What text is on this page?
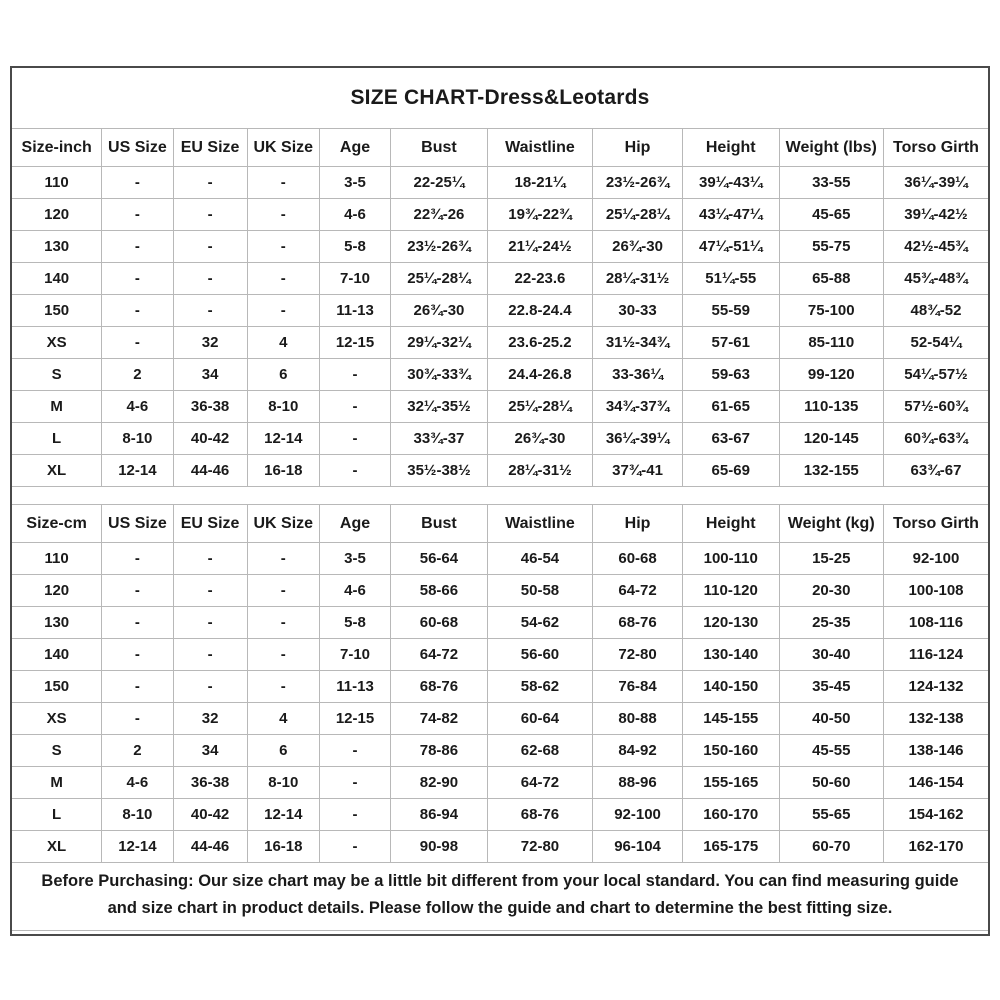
SIZE CHART-Dress&Leotards
Size-inch	US Size	EU Size	UK Size	Age	Bust	Waistline	Hip	Height	Weight (lbs)	Torso Girth
110	-	-	-	3-5	22-25¼	18-21¼	23½-26¾	39¼-43¼	33-55	36¼-39¼
120	-	-	-	4-6	22¾-26	19¾-22¾	25¼-28¼	43¼-47¼	45-65	39¼-42½
130	-	-	-	5-8	23½-26¾	21¼-24½	26¾-30	47¼-51¼	55-75	42½-45¾
140	-	-	-	7-10	25¼-28¼	22-23.6	28¼-31½	51¼-55	65-88	45¾-48¾
150	-	-	-	11-13	26¾-30	22.8-24.4	30-33	55-59	75-100	48¾-52
XS	-	32	4	12-15	29¼-32¼	23.6-25.2	31½-34¾	57-61	85-110	52-54¼
S	2	34	6	-	30¾-33¾	24.4-26.8	33-36¼	59-63	99-120	54¼-57½
M	4-6	36-38	8-10	-	32¼-35½	25¼-28¼	34¾-37¾	61-65	110-135	57½-60¾
L	8-10	40-42	12-14	-	33¾-37	26¾-30	36¼-39¼	63-67	120-145	60¾-63¾
XL	12-14	44-46	16-18	-	35½-38½	28¼-31½	37¾-41	65-69	132-155	63¾-67
Size-cm	US Size	EU Size	UK Size	Age	Bust	Waistline	Hip	Height	Weight (kg)	Torso Girth
110	-	-	-	3-5	56-64	46-54	60-68	100-110	15-25	92-100
120	-	-	-	4-6	58-66	50-58	64-72	110-120	20-30	100-108
130	-	-	-	5-8	60-68	54-62	68-76	120-130	25-35	108-116
140	-	-	-	7-10	64-72	56-60	72-80	130-140	30-40	116-124
150	-	-	-	11-13	68-76	58-62	76-84	140-150	35-45	124-132
XS	-	32	4	12-15	74-82	60-64	80-88	145-155	40-50	132-138
S	2	34	6	-	78-86	62-68	84-92	150-160	45-55	138-146
M	4-6	36-38	8-10	-	82-90	64-72	88-96	155-165	50-60	146-154
L	8-10	40-42	12-14	-	86-94	68-76	92-100	160-170	55-65	154-162
XL	12-14	44-46	16-18	-	90-98	72-80	96-104	165-175	60-70	162-170

Before Purchasing: Our size chart may be a little bit different from your local standard. You can find measuring guide and size chart in product details. Please follow the guide and chart to determine the best fitting size.
